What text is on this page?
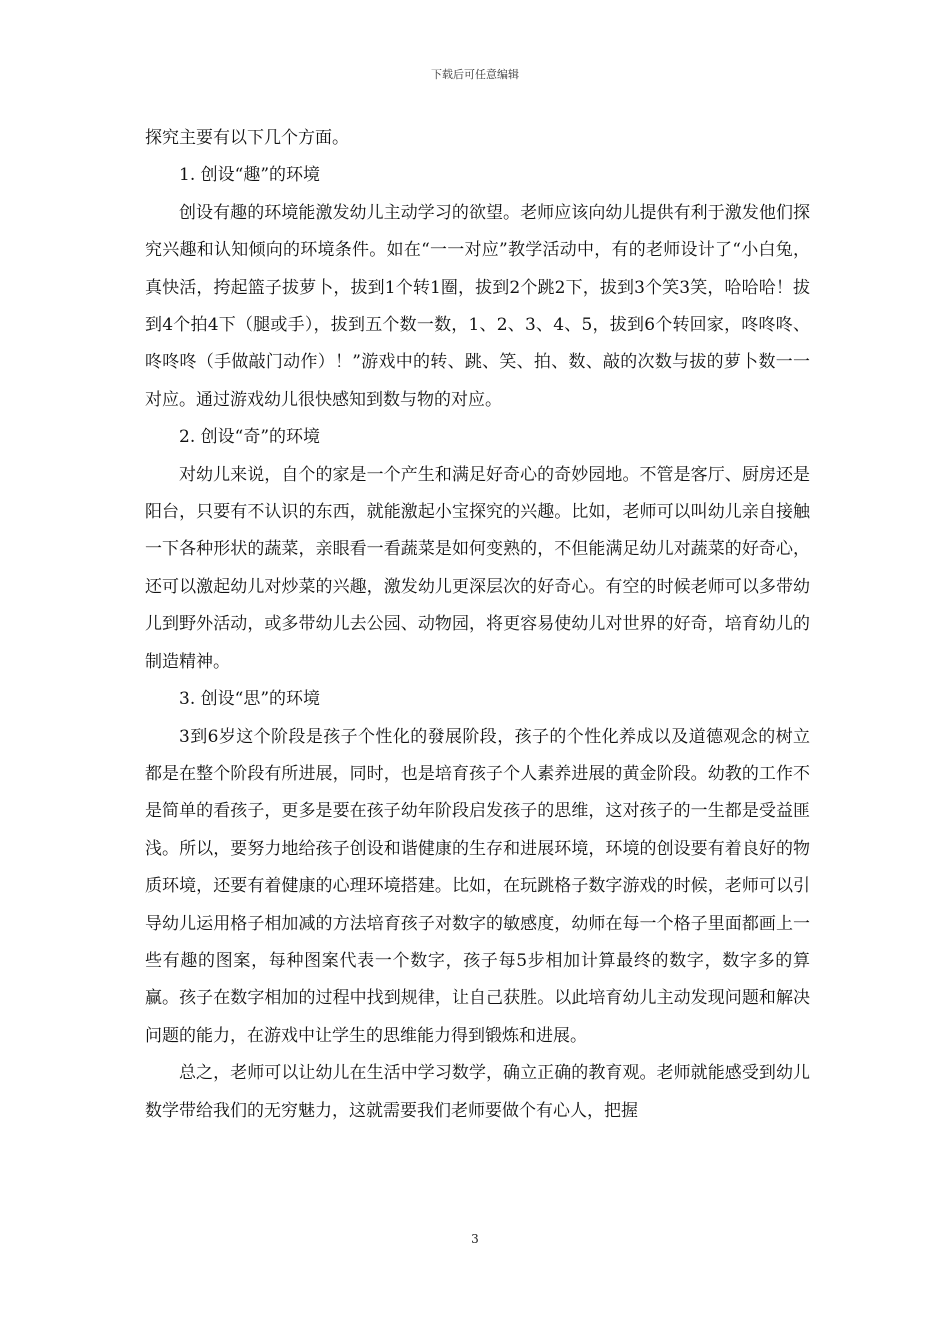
下载后可任意编辑

探究主要有以下几个方面。

1. 创设“趣”的环境

创设有趣的环境能激发幼儿主动学习的欲望。老师应该向幼儿提供有利于激发他们探究兴趣和认知倾向的环境条件。如在“一一对应”教学活动中，有的老师设计了“小白兔，真快活，挎起篮子拔萝卜，拔到1个转1圈，拔到2个跳2下，拔到3个笑3笑，哈哈哈！拔到4个拍4下（腿或手），拔到五个数一数，1、2、3、4、5，拔到6个转回家，咚咚咚、咚咚咚（手做敲门动作）！”游戏中的转、跳、笑、拍、数、敲的次数与拔的萝卜数一一对应。通过游戏幼儿很快感知到数与物的对应。

2. 创设“奇”的环境

对幼儿来说，自个的家是一个产生和满足好奇心的奇妙园地。不管是客厅、厨房还是阳台，只要有不认识的东西，就能激起小宝探究的兴趣。比如，老师可以叫幼儿亲自接触一下各种形状的蔬菜，亲眼看一看蔬菜是如何变熟的，不但能满足幼儿对蔬菜的好奇心，还可以激起幼儿对炒菜的兴趣，激发幼儿更深层次的好奇心。有空的时候老师可以多带幼儿到野外活动，或多带幼儿去公园、动物园，将更容易使幼儿对世界的好奇，培育幼儿的制造精神。

3. 创设“思”的环境

3到6岁这个阶段是孩子个性化的發展阶段，孩子的个性化养成以及道德观念的树立都是在整个阶段有所进展，同时，也是培育孩子个人素养进展的黄金阶段。幼教的工作不是简单的看孩子，更多是要在孩子幼年阶段启发孩子的思维，这对孩子的一生都是受益匪浅。所以，要努力地给孩子创设和谐健康的生存和进展环境，环境的创设要有着良好的物质环境，还要有着健康的心理环境搭建。比如，在玩跳格子数字游戏的时候，老师可以引导幼儿运用格子相加减的方法培育孩子对数字的敏感度，幼师在每一个格子里面都画上一些有趣的图案，每种图案代表一个数字，孩子每5步相加计算最终的数字，数字多的算赢。孩子在数字相加的过程中找到规律，让自己获胜。以此培育幼儿主动发现问题和解决问题的能力，在游戏中让学生的思维能力得到锻炼和进展。

总之，老师可以让幼儿在生活中学习数学，确立正确的教育观。老师就能感受到幼儿数学带给我们的无穷魅力，这就需要我们老师要做个有心人，把握

3
